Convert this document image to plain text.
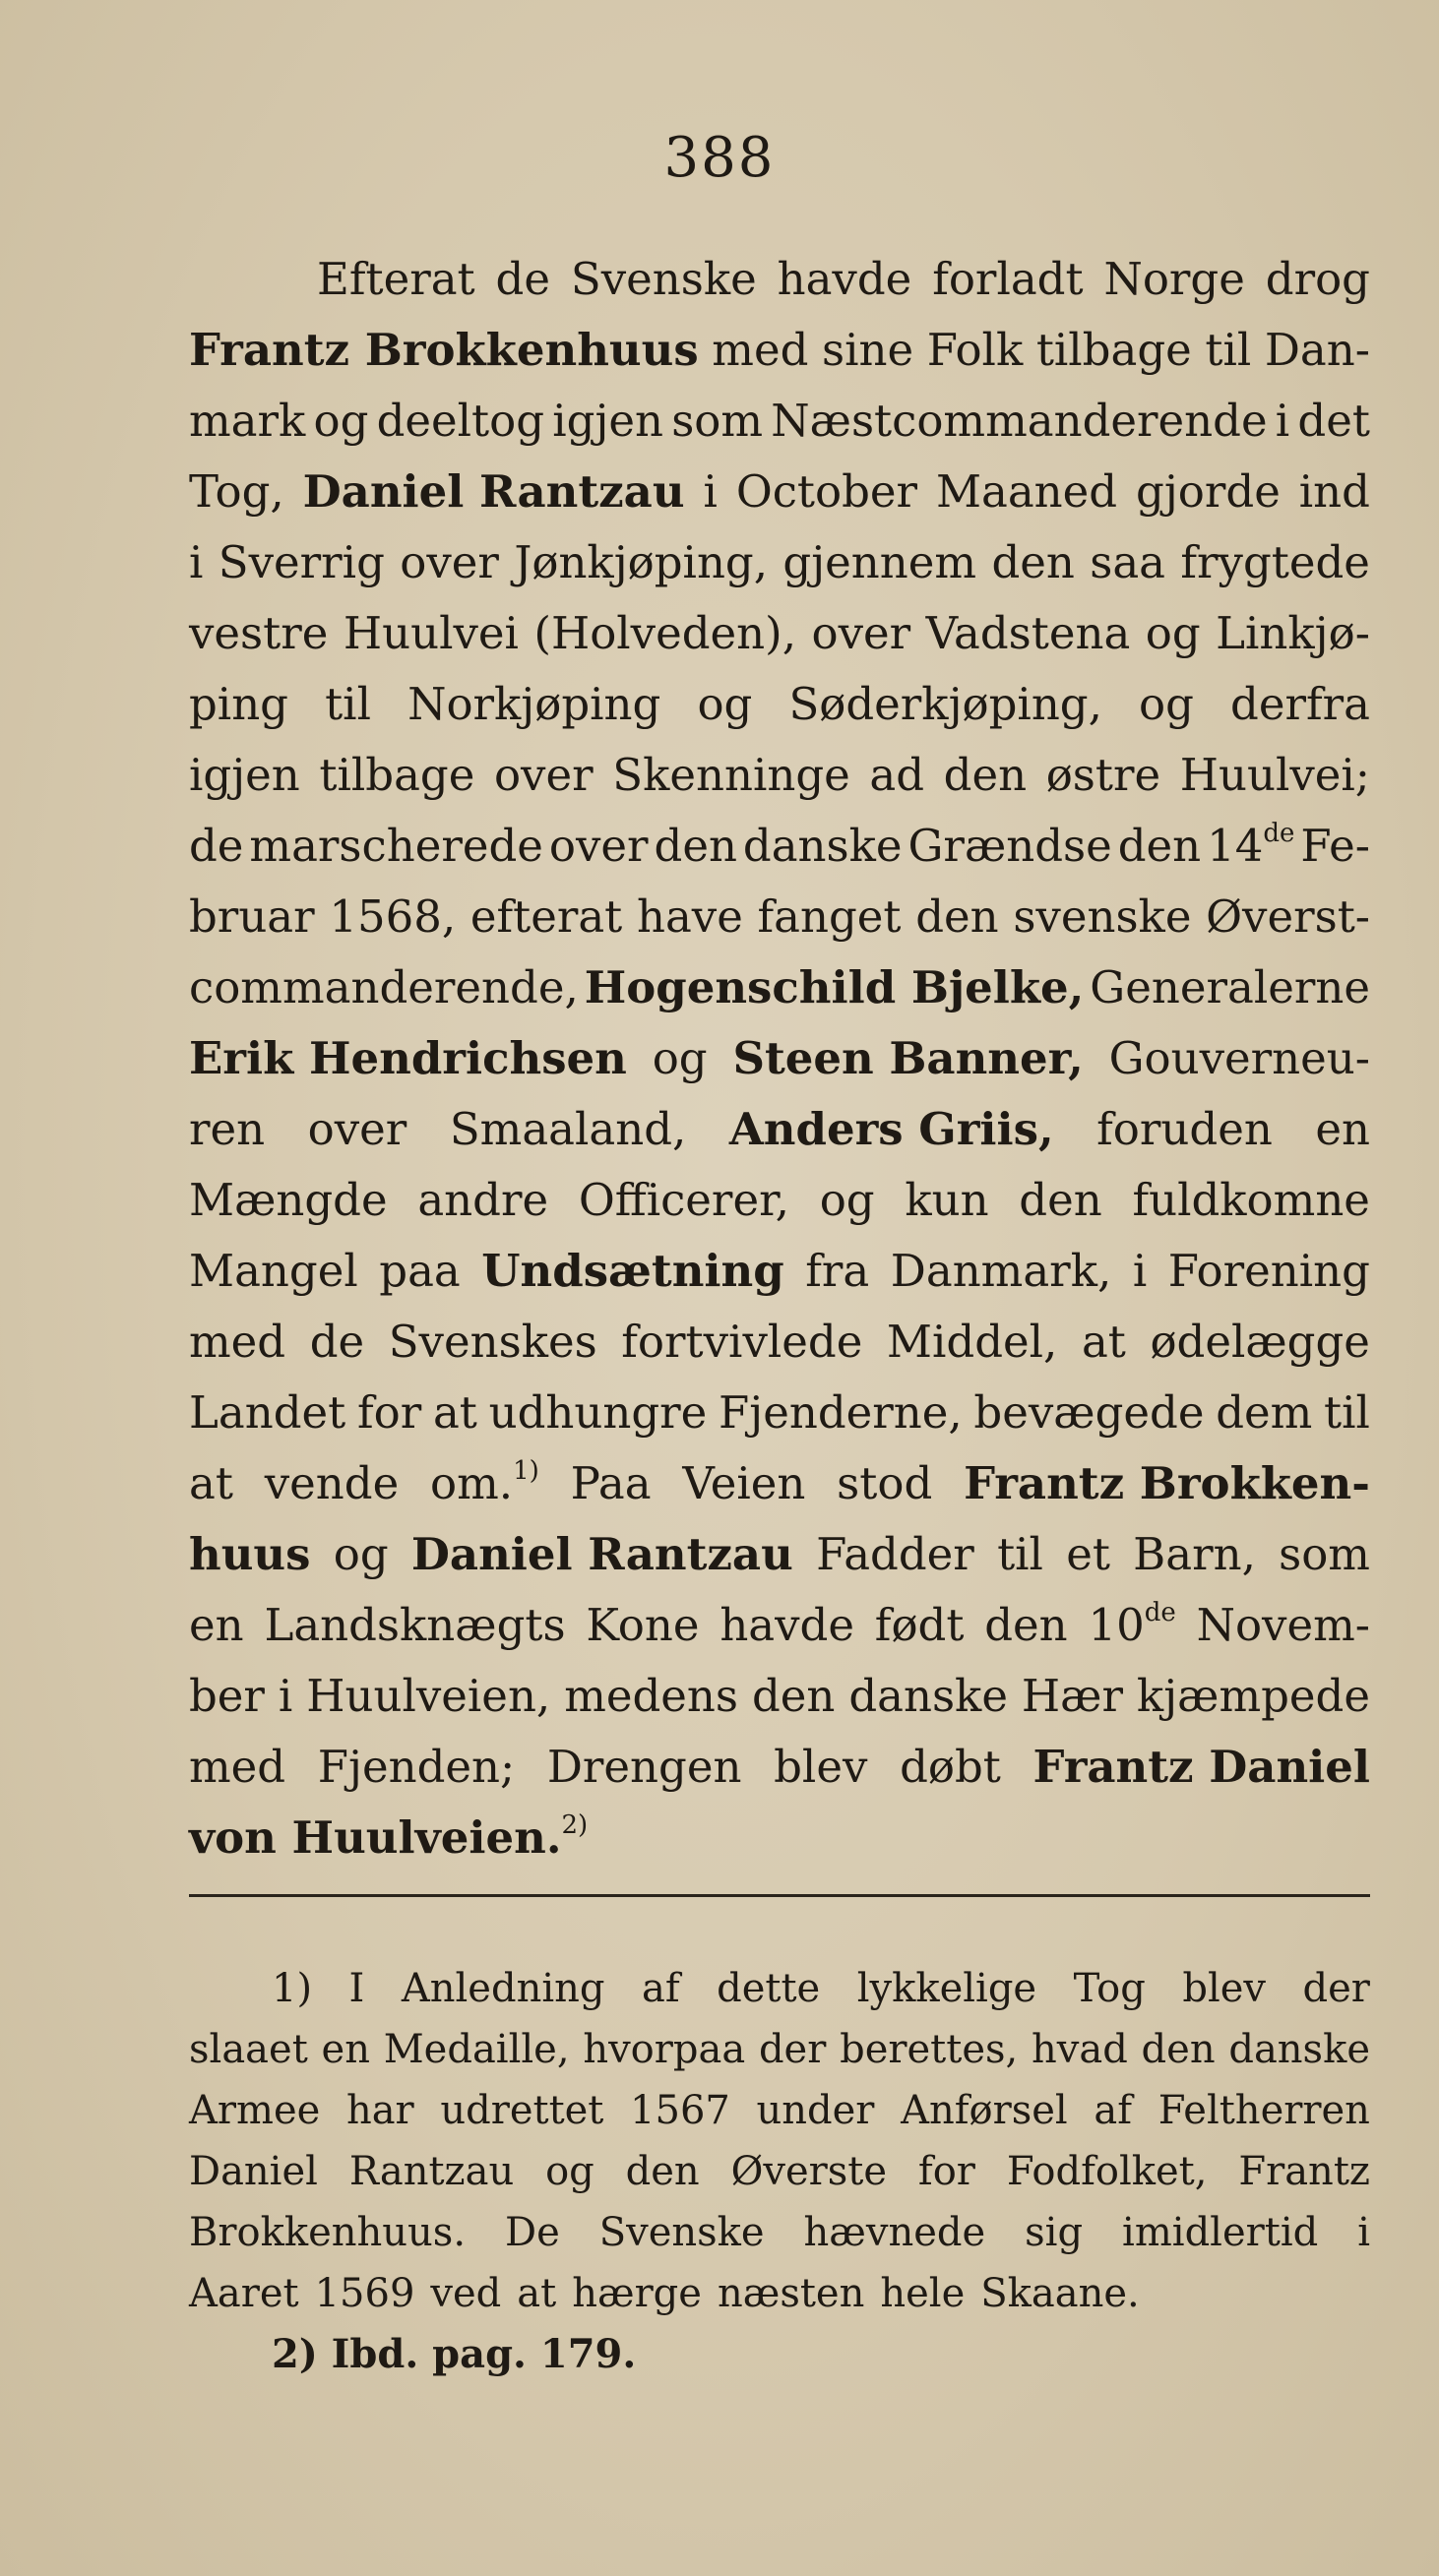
388
Efterat de Svenske havde forladt Norge drog
Frantz Brokkenhuus med sine Folk tilbage til Dan-
mark og deeltog igjen som Næstcommanderende i det
Tog, Daniel Rantzau i October Maaned gjorde ind
i Sverrig over Jønkjøping, gjennem den saa frygtede
vestre Huulvei (Holveden), over Vadstena og Linkjø-
ping til Norkjøping og Søderkjøping, og derfra
igjen tilbage over Skenninge ad den østre Huulvei;
de marscherede over den danske Grændse den 14de Fe-
bruar 1568, efterat have fanget den svenske Øverst-
commanderende, Hogenschild Bjelke, Generalerne
Erik Hendrichsen og Steen Banner, Gouverneu-
ren over Smaaland, Anders Griis, foruden en
Mængde andre Officerer, og kun den fuldkomne
Mangel paa Undsætning fra Danmark, i Forening
med de Svenskes fortvivlede Middel, at ødelægge
Landet for at udhungre Fjenderne, bevægede dem til
at vende om.$^{1)}$ Paa Veien stod Frantz Brokken-
huus og Daniel Rantzau Fadder til et Barn, som
en Landsknægts Kone havde født den 10de Novem-
ber i Huulveien, medens den danske Hær kjæmpede
med Fjenden; Drengen blev døbt Frantz Daniel
von Huulveien.$^{2)}$
1) I Anledning af dette lykkelige Tog blev der
slaaet en Medaille, hvorpaa der berettes, hvad den danske
Armee har udrettet 1567 under Anførsel af Feltherren
Daniel Rantzau og den Øverste for Fodfolket, Frantz
Brokkenhuus. De Svenske hævnede sig imidlertid i
Aaret 1569 ved at hærge næsten hele Skaane.
2) Ibd. pag. 179.
